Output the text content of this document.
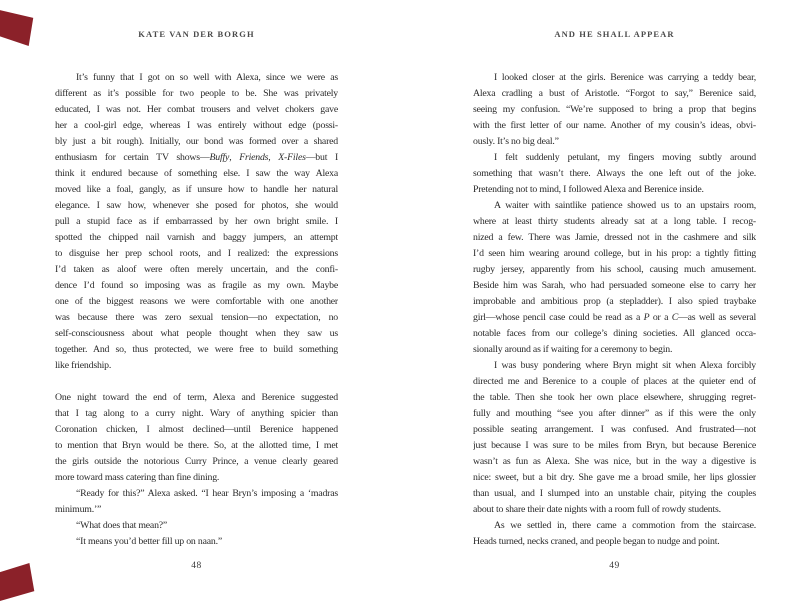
KATE VAN DER BORGH
It’s funny that I got on so well with Alexa, since we were as
different as it’s possible for two people to be. She was privately
educated, I was not. Her combat trousers and velvet chokers gave
her a cool-girl edge, whereas I was entirely without edge (possi-
bly just a bit rough). Initially, our bond was formed over a shared
enthusiasm for certain TV shows—Buffy, Friends, X-Files—but I
think it endured because of something else. I saw the way Alexa
moved like a foal, gangly, as if unsure how to handle her natural
elegance. I saw how, whenever she posed for photos, she would
pull a stupid face as if embarrassed by her own bright smile. I
spotted the chipped nail varnish and baggy jumpers, an attempt
to disguise her prep school roots, and I realized: the expressions
I’d taken as aloof were often merely uncertain, and the confi-
dence I’d found so imposing was as fragile as my own. Maybe
one of the biggest reasons we were comfortable with one another
was because there was zero sexual tension—no expectation, no
self-consciousness about what people thought when they saw us
together. And so, thus protected, we were free to build something
like friendship.
One night toward the end of term, Alexa and Berenice suggested
that I tag along to a curry night. Wary of anything spicier than
Coronation chicken, I almost declined—until Berenice happened
to mention that Bryn would be there. So, at the allotted time, I met
the girls outside the notorious Curry Prince, a venue clearly geared
more toward mass catering than fine dining.
“Ready for this?” Alexa asked. “I hear Bryn’s imposing a ‘madras
minimum.’”
“What does that mean?”
“It means you’d better fill up on naan.”
48
AND HE SHALL APPEAR
I looked closer at the girls. Berenice was carrying a teddy bear,
Alexa cradling a bust of Aristotle. “Forgot to say,” Berenice said,
seeing my confusion. “We’re supposed to bring a prop that begins
with the first letter of our name. Another of my cousin’s ideas, obvi-
ously. It’s no big deal.”
I felt suddenly petulant, my fingers moving subtly around
something that wasn’t there. Always the one left out of the joke.
Pretending not to mind, I followed Alexa and Berenice inside.
A waiter with saintlike patience showed us to an upstairs room,
where at least thirty students already sat at a long table. I recog-
nized a few. There was Jamie, dressed not in the cashmere and silk
I’d seen him wearing around college, but in his prop: a tightly fitting
rugby jersey, apparently from his school, causing much amusement.
Beside him was Sarah, who had persuaded someone else to carry her
improbable and ambitious prop (a stepladder). I also spied traybake
girl—whose pencil case could be read as a P or a C—as well as several
notable faces from our college’s dining societies. All glanced occa-
sionally around as if waiting for a ceremony to begin.
I was busy pondering where Bryn might sit when Alexa forcibly
directed me and Berenice to a couple of places at the quieter end of
the table. Then she took her own place elsewhere, shrugging regret-
fully and mouthing “see you after dinner” as if this were the only
possible seating arrangement. I was confused. And frustrated—not
just because I was sure to be miles from Bryn, but because Berenice
wasn’t as fun as Alexa. She was nice, but in the way a digestive is
nice: sweet, but a bit dry. She gave me a broad smile, her lips glossier
than usual, and I slumped into an unstable chair, pitying the couples
about to share their date nights with a room full of rowdy students.
As we settled in, there came a commotion from the staircase.
Heads turned, necks craned, and people began to nudge and point.
49
